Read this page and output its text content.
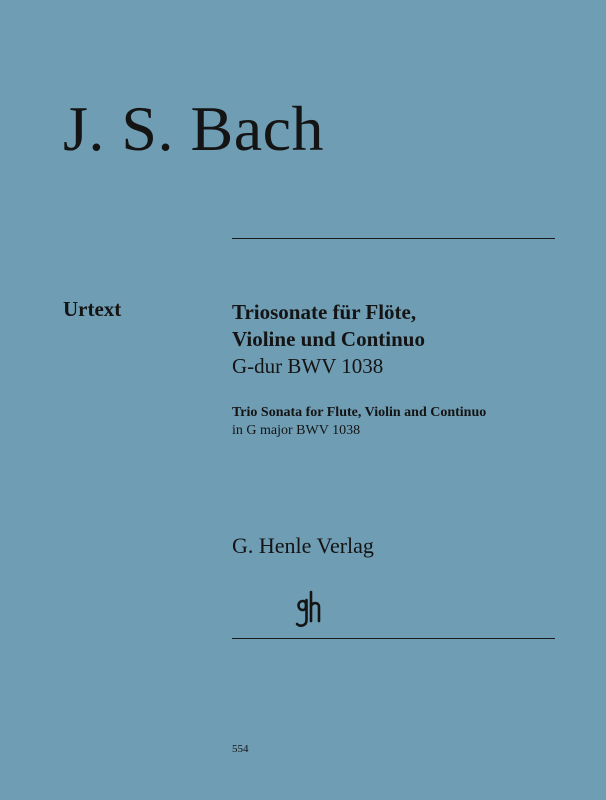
J. S. Bach
Urtext	Triosonate für Flöte,
Violine und Continuo
G-dur BWV 1038
Trio Sonata for Flute, Violin and Continuo
in G major BWV 1038
G. Henle Verlag
554
